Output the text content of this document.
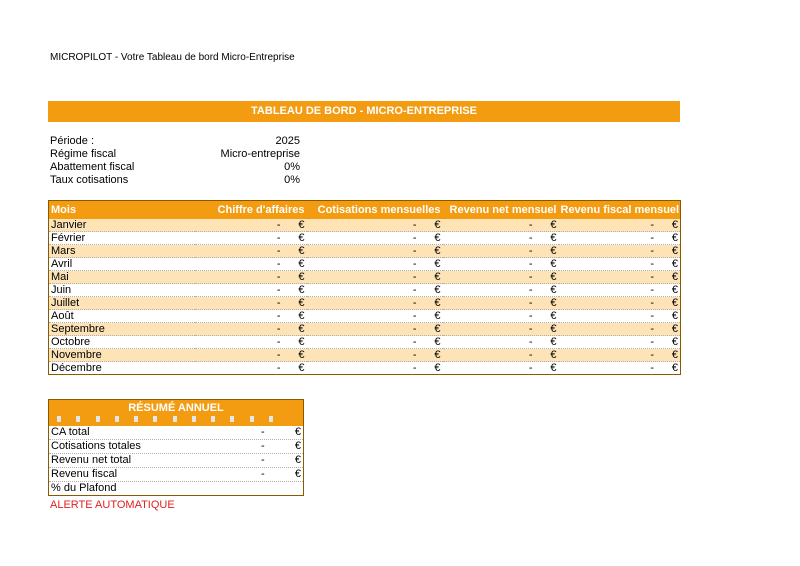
MICROPILOT - Votre Tableau de bord Micro-Entreprise
TABLEAU DE BORD - MICRO-ENTREPRISE
Période :	2025
Régime fiscal	Micro-entreprise
Abattement fiscal	0%
Taux cotisations	0%
Mois	Chiffre d'affaires	Cotisations mensuelles	Revenu net mensuel	Revenu fiscal mensuel
Janvier	- €	- €	- €	- €

Février	- €	- €	- €	- €

Mars	- €	- €	- €	- €

Avril	- €	- €	- €	- €

Mai	- €	- €	- €	- €

Juin	- €	- €	- €	- €

Juillet	- €	- €	- €	- €

Août	- €	- €	- €	- €

Septembre	- €	- €	- €	- €

Octobre	- €	- €	- €	- €

Novembre	- €	- €	- €	- €

Décembre	- €	- €	- €	- €
RÉSUMÉ ANNUEL
CA total	-	€
Cotisations totales	-	€
Revenu net total	-	€
Revenu fiscal	-	€
% du Plafond
ALERTE AUTOMATIQUE
